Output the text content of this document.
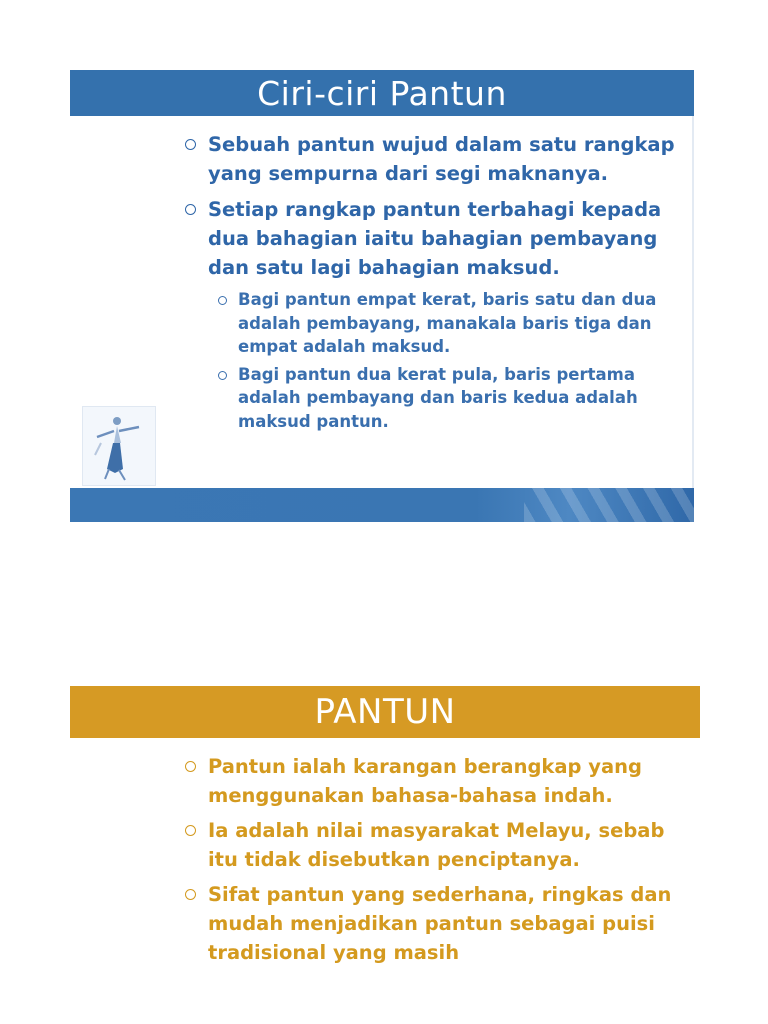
Ciri-ciri Pantun
Sebuah pantun wujud dalam satu rangkap yang sempurna dari segi maknanya.
Setiap rangkap pantun terbahagi kepada dua bahagian iaitu bahagian pembayang dan satu lagi bahagian maksud.
Bagi pantun empat kerat, baris satu dan dua adalah pembayang, manakala baris tiga dan empat adalah maksud.
Bagi pantun dua kerat pula, baris pertama adalah pembayang dan baris kedua adalah maksud pantun.
PANTUN
Pantun ialah karangan berangkap yang menggunakan bahasa-bahasa indah.
Ia adalah nilai masyarakat Melayu, sebab itu tidak disebutkan penciptanya.
Sifat pantun yang sederhana, ringkas dan mudah menjadikan pantun sebagai puisi tradisional yang masih
